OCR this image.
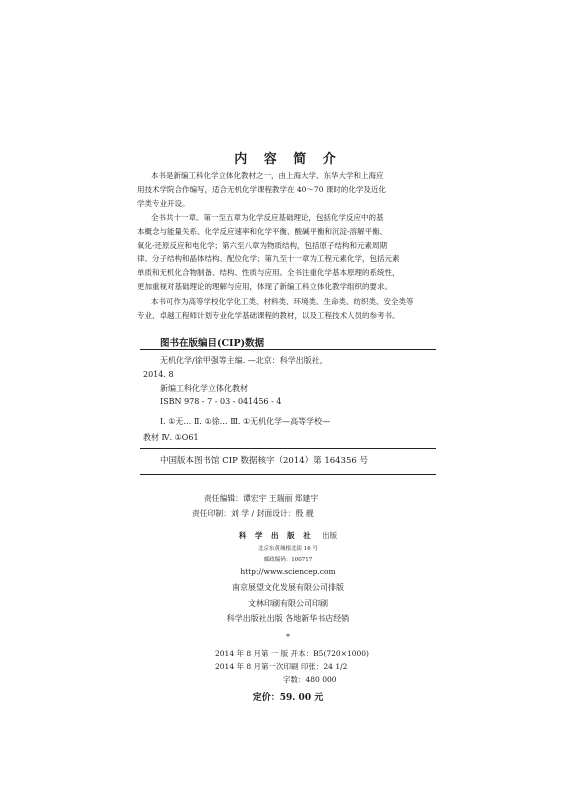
内 容 简 介
本书是新编工科化学立体化教材之一，由上海大学、东华大学和上海应
用技术学院合作编写，适合无机化学课程教学在 40～70 课时的化学及近化
学类专业开设。
全书共十一章。第一至五章为化学反应基础理论，包括化学反应中的基
本概念与能量关系、化学反应速率和化学平衡、酸碱平衡和沉淀-溶解平衡、
氧化-还原反应和电化学；第六至八章为物质结构，包括原子结构和元素周期
律、分子结构和晶体结构、配位化学；第九至十一章为工程元素化学，包括元素
单质和无机化合物制备、结构、性质与应用。全书注重化学基本原理的系统性，
更加重视对基础理论的理解与应用，体现了新编工科立体化教学组织的要求。
本书可作为高等学校化学化工类、材料类、环境类、生命类、纺织类、安全类等
专业、卓越工程师计划专业化学基础课程的教材，以及工程技术人员的参考书。
图书在版编目(CIP)数据
无机化学/徐甲强等主编. —北京：科学出版社，
2014. 8
新编工科化学立体化教材
ISBN 978 - 7 - 03 - 041456 - 4
Ⅰ. ①无… Ⅱ. ①徐… Ⅲ. ①无机化学—高等学校—
教材 Ⅳ. ①O61
中国版本图书馆 CIP 数据核字（2014）第 164356 号
责任编辑：谭宏宇 王瑞丽 郑建宇
责任印制：刘 学 / 封面设计：殷 靓
科 学 出 版 社 出版
北京东黄城根北街 16 号
邮政编码：100717
http://www.sciencep.com
南京展望文化发展有限公司排版
文林印刷有限公司印刷
科学出版社出版 各地新华书店经销
*
2014 年 8 月第 一 版 开本：B5(720×1000)
2014 年 8 月第一次印刷 印张：24 1/2
字数：480 000
定价：59. 00 元
